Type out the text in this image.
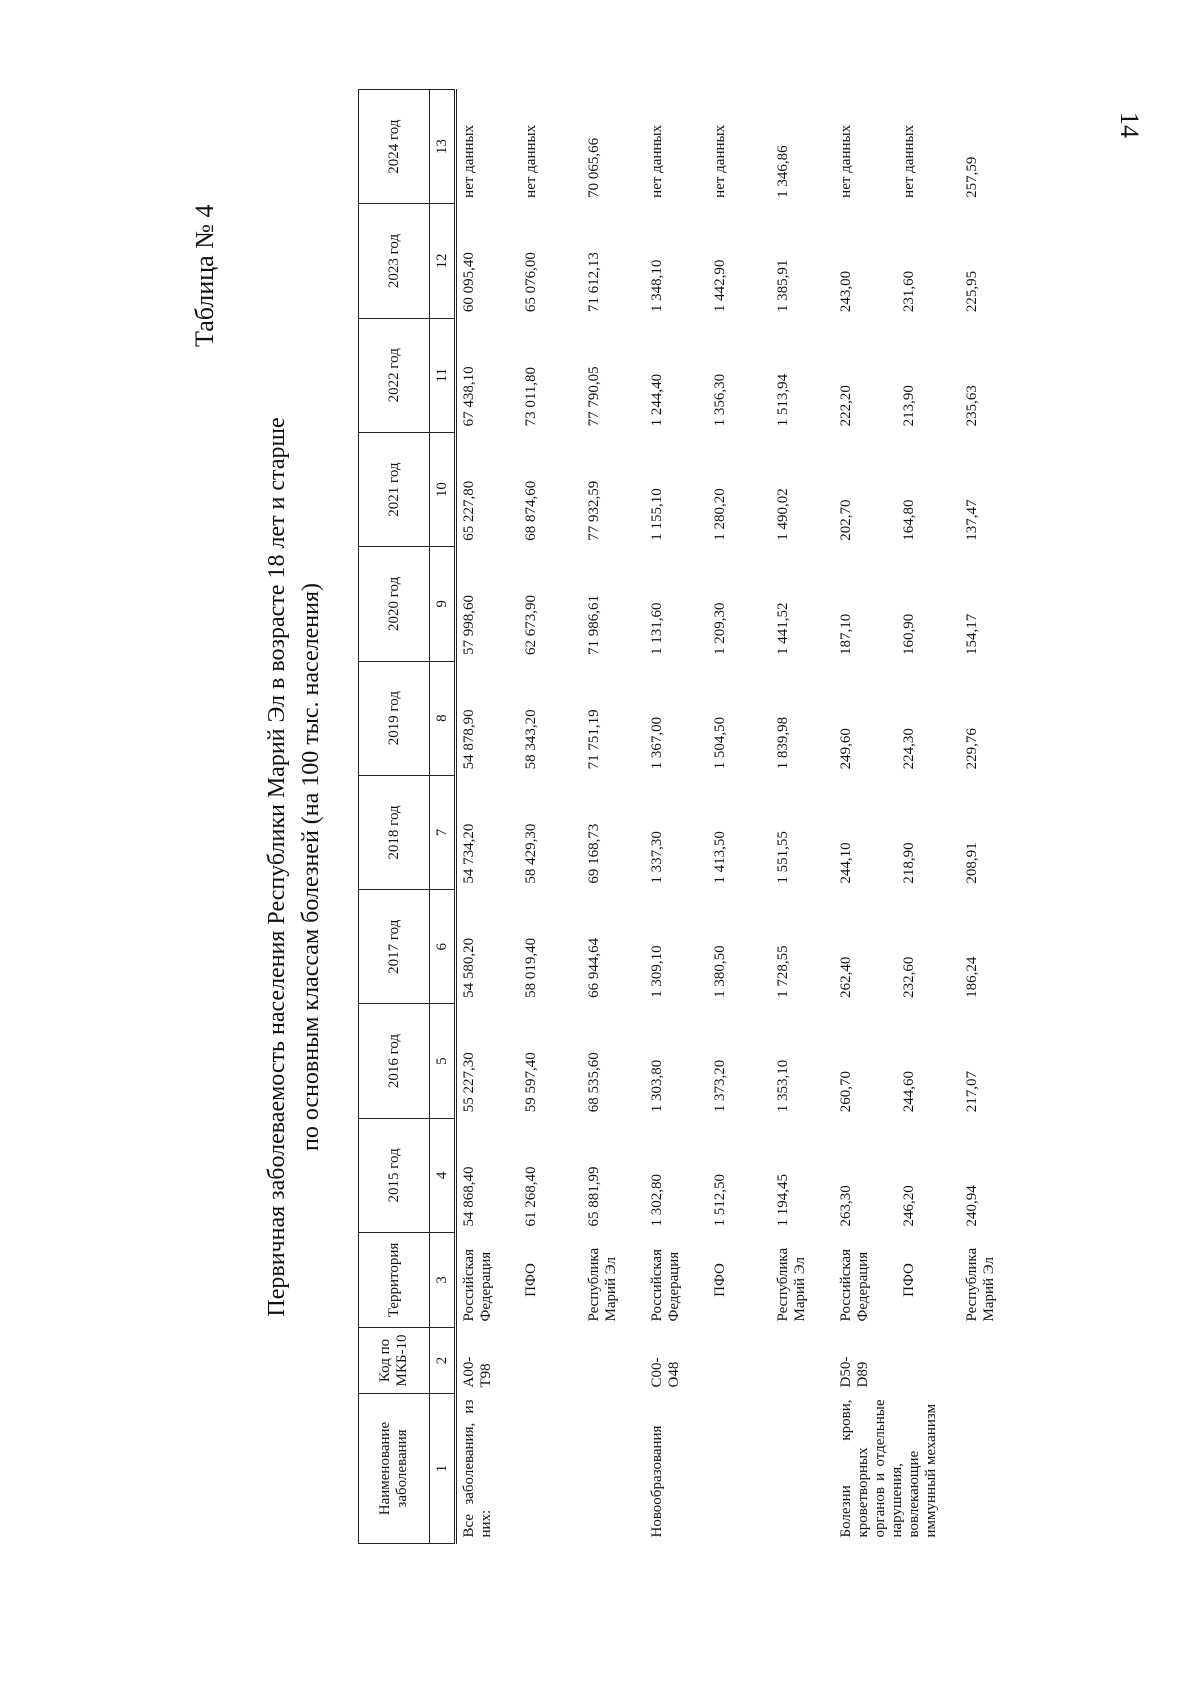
14
Таблица № 4
Первичная заболеваемость населения Республики Марий Эл в возрасте 18 лет и старше по основным классам болезней (на 100 тыс. населения)
Наименование заболевания	Код по МКБ-10	Территория	2015 год	2016 год	2017 год	2018 год	2019 год	2020 год	2021 год	2022 год	2023 год	2024 год
1	2	3	4	5	6	7	8	9	10	11	12	13
Все заболевания, из них:	A00-T98	Российская Федерация	54 868,40	55 227,30	54 580,20	54 734,20	54 878,90	57 998,60	65 227,80	67 438,10	60 095,40	нет данных
		ПФО	61 268,40	59 597,40	58 019,40	58 429,30	58 343,20	62 673,90	68 874,60	73 011,80	65 076,00	нет данных
		Республика Марий Эл	65 881,99	68 535,60	66 944,64	69 168,73	71 751,19	71 986,61	77 932,59	77 790,05	71 612,13	70 065,66
Новообразования	C00-O48	Российская Федерация	1 302,80	1 303,80	1 309,10	1 337,30	1 367,00	1 131,60	1 155,10	1 244,40	1 348,10	нет данных
		ПФО	1 512,50	1 373,20	1 380,50	1 413,50	1 504,50	1 209,30	1 280,20	1 356,30	1 442,90	нет данных
		Республика Марий Эл	1 194,45	1 353,10	1 728,55	1 551,55	1 839,98	1 441,52	1 490,02	1 513,94	1 385,91	1 346,86
Болезни крови, кроветворных органов и отдельные нарушения, вовлекающие иммунный механизм	D50-D89	Российская Федерация	263,30	260,70	262,40	244,10	249,60	187,10	202,70	222,20	243,00	нет данных
		ПФО	246,20	244,60	232,60	218,90	224,30	160,90	164,80	213,90	231,60	нет данных
		Республика Марий Эл	240,94	217,07	186,24	208,91	229,76	154,17	137,47	235,63	225,95	257,59
